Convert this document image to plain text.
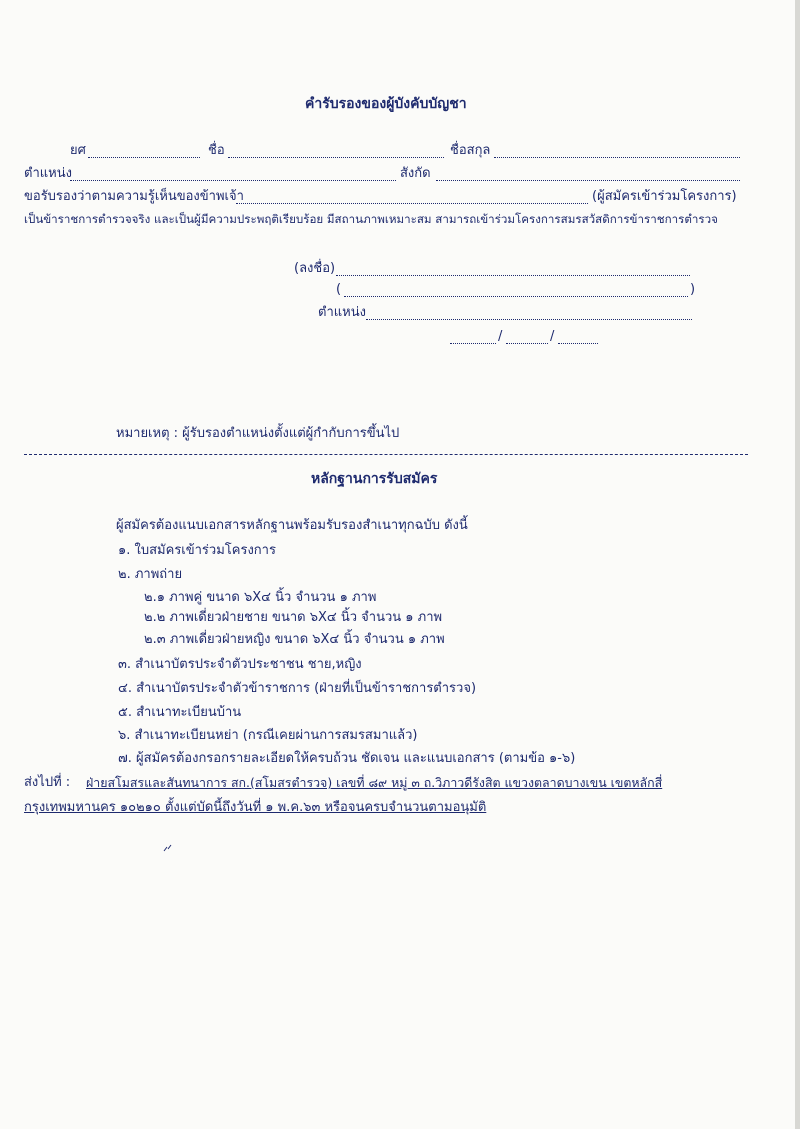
คำรับรองของผู้บังคับบัญชา
ยศ	ชื่อ	ชื่อสกุล
ตำแหน่ง	สังกัด
ขอรับรองว่าตามความรู้เห็นของข้าพเจ้า	(ผู้สมัครเข้าร่วมโครงการ)
เป็นข้าราชการตำรวจจริง และเป็นผู้มีความประพฤติเรียบร้อย มีสถานภาพเหมาะสม สามารถเข้าร่วมโครงการสมรสวัสดิการข้าราชการตำรวจ
(ลงชื่อ)
(	)
ตำแหน่ง
/	/
หมายเหตุ : ผู้รับรองตำแหน่งตั้งแต่ผู้กำกับการขึ้นไป
หลักฐานการรับสมัคร
ผู้สมัครต้องแนบเอกสารหลักฐานพร้อมรับรองสำเนาทุกฉบับ ดังนี้
๑. ใบสมัครเข้าร่วมโครงการ
๒. ภาพถ่าย
๒.๑ ภาพคู่ ขนาด ๖X๔ นิ้ว จำนวน ๑ ภาพ
๒.๒ ภาพเดี่ยวฝ่ายชาย ขนาด ๖X๔ นิ้ว จำนวน ๑ ภาพ
๒.๓ ภาพเดี่ยวฝ่ายหญิง ขนาด ๖X๔ นิ้ว จำนวน ๑ ภาพ
๓. สำเนาบัตรประจำตัวประชาชน ชาย,หญิง
๔. สำเนาบัตรประจำตัวข้าราชการ (ฝ่ายที่เป็นข้าราชการตำรวจ)
๕. สำเนาทะเบียนบ้าน
๖. สำเนาทะเบียนหย่า (กรณีเคยผ่านการสมรสมาแล้ว)
๗. ผู้สมัครต้องกรอกรายละเอียดให้ครบถ้วน ชัดเจน และแนบเอกสาร (ตามข้อ ๑-๖)
ส่งไปที่ : ฝ่ายสโมสรและสันทนาการ สก.(สโมสรตำรวจ) เลขที่ ๘๙ หมู่ ๓ ถ.วิภาวดีรังสิต แขวงตลาดบางเขน เขตหลักสี่
กรุงเทพมหานคร ๑๐๒๑๐ ตั้งแต่บัดนี้ถึงวันที่ ๑ พ.ค.๖๓ หรือจนครบจำนวนตามอนุมัติ
